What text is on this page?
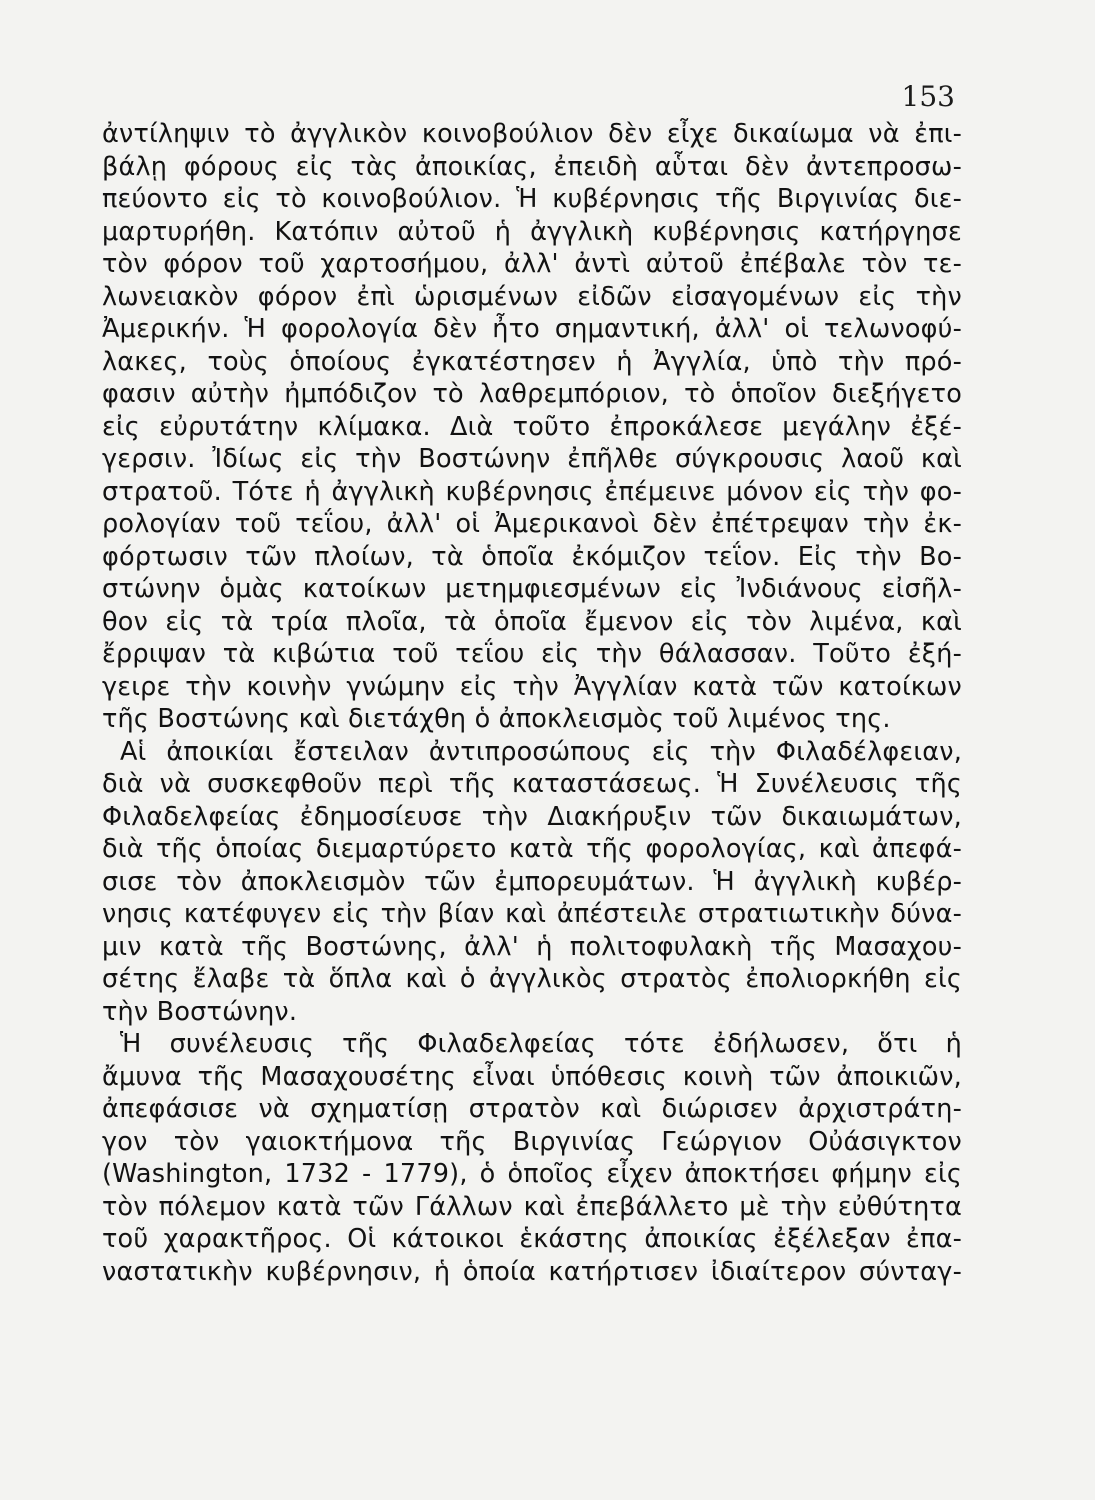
153
ἀντίληψιν τὸ ἀγγλικὸν κοινοβούλιον δὲν εἶχε δικαίωμα νὰ ἐπι-
βάλῃ φόρους εἰς τὰς ἀποικίας, ἐπειδὴ αὗται δὲν ἀντεπροσω-
πεύοντο εἰς τὸ κοινοβούλιον. Ἡ κυβέρνησις τῆς Βιργινίας διε-
μαρτυρήθη. Κατόπιν αὐτοῦ ἡ ἀγγλικὴ κυβέρνησις κατήργησε
τὸν φόρον τοῦ χαρτοσήμου, ἀλλ' ἀντὶ αὐτοῦ ἐπέβαλε τὸν τε-
λωνειακὸν φόρον ἐπὶ ὡρισμένων εἰδῶν εἰσαγομένων εἰς τὴν
Ἀμερικήν. Ἡ φορολογία δὲν ἦτο σημαντική, ἀλλ' οἱ τελωνοφύ-
λακες, τοὺς ὁποίους ἐγκατέστησεν ἡ Ἀγγλία, ὑπὸ τὴν πρό-
φασιν αὐτὴν ἠμπόδιζον τὸ λαθρεμπόριον, τὸ ὁποῖον διεξήγετο
εἰς εὐρυτάτην κλίμακα. Διὰ τοῦτο ἐπροκάλεσε μεγάλην ἐξέ-
γερσιν. Ἰδίως εἰς τὴν Βοστώνην ἐπῆλθε σύγκρουσις λαοῦ καὶ
στρατοῦ. Τότε ἡ ἀγγλικὴ κυβέρνησις ἐπέμεινε μόνον εἰς τὴν φο-
ρολογίαν τοῦ τεΐου, ἀλλ' οἱ Ἀμερικανοὶ δὲν ἐπέτρεψαν τὴν ἐκ-
φόρτωσιν τῶν πλοίων, τὰ ὁποῖα ἐκόμιζον τεΐον. Εἰς τὴν Βο-
στώνην ὁμὰς κατοίκων μετημφιεσμένων εἰς Ἰνδιάνους εἰσῆλ-
θον εἰς τὰ τρία πλοῖα, τὰ ὁποῖα ἔμενον εἰς τὸν λιμένα, καὶ
ἔρριψαν τὰ κιβώτια τοῦ τεΐου εἰς τὴν θάλασσαν. Τοῦτο ἐξή-
γειρε τὴν κοινὴν γνώμην εἰς τὴν Ἀγγλίαν κατὰ τῶν κατοίκων
τῆς Βοστώνης καὶ διετάχθη ὁ ἀποκλεισμὸς τοῦ λιμένος της.
Αἱ ἀποικίαι ἔστειλαν ἀντιπροσώπους εἰς τὴν Φιλαδέλφειαν,
διὰ νὰ συσκεφθοῦν περὶ τῆς καταστάσεως. Ἡ Συνέλευσις τῆς
Φιλαδελφείας ἐδημοσίευσε τὴν Διακήρυξιν τῶν δικαιωμάτων,
διὰ τῆς ὁποίας διεμαρτύρετο κατὰ τῆς φορολογίας, καὶ ἀπεφά-
σισε τὸν ἀποκλεισμὸν τῶν ἐμπορευμάτων. Ἡ ἀγγλικὴ κυβέρ-
νησις κατέφυγεν εἰς τὴν βίαν καὶ ἀπέστειλε στρατιωτικὴν δύνα-
μιν κατὰ τῆς Βοστώνης, ἀλλ' ἡ πολιτοφυλακὴ τῆς Μασαχου-
σέτης ἔλαβε τὰ ὅπλα καὶ ὁ ἀγγλικὸς στρατὸς ἐπολιορκήθη εἰς
τὴν Βοστώνην.
Ἡ συνέλευσις τῆς Φιλαδελφείας τότε ἐδήλωσεν, ὅτι ἡ
ἄμυνα τῆς Μασαχουσέτης εἶναι ὑπόθεσις κοινὴ τῶν ἀποικιῶν,
ἀπεφάσισε νὰ σχηματίσῃ στρατὸν καὶ διώρισεν ἀρχιστράτη-
γον τὸν γαιοκτήμονα τῆς Βιργινίας Γεώργιον Οὐάσιγκτον
(Washington, 1732 - 1779), ὁ ὁποῖος εἶχεν ἀποκτήσει φήμην εἰς
τὸν πόλεμον κατὰ τῶν Γάλλων καὶ ἐπεβάλλετο μὲ τὴν εὐθύτητα
τοῦ χαρακτῆρος. Οἱ κάτοικοι ἑκάστης ἀποικίας ἐξέλεξαν ἐπα-
ναστατικὴν κυβέρνησιν, ἡ ὁποία κατήρτισεν ἰδιαίτερον σύνταγ-
